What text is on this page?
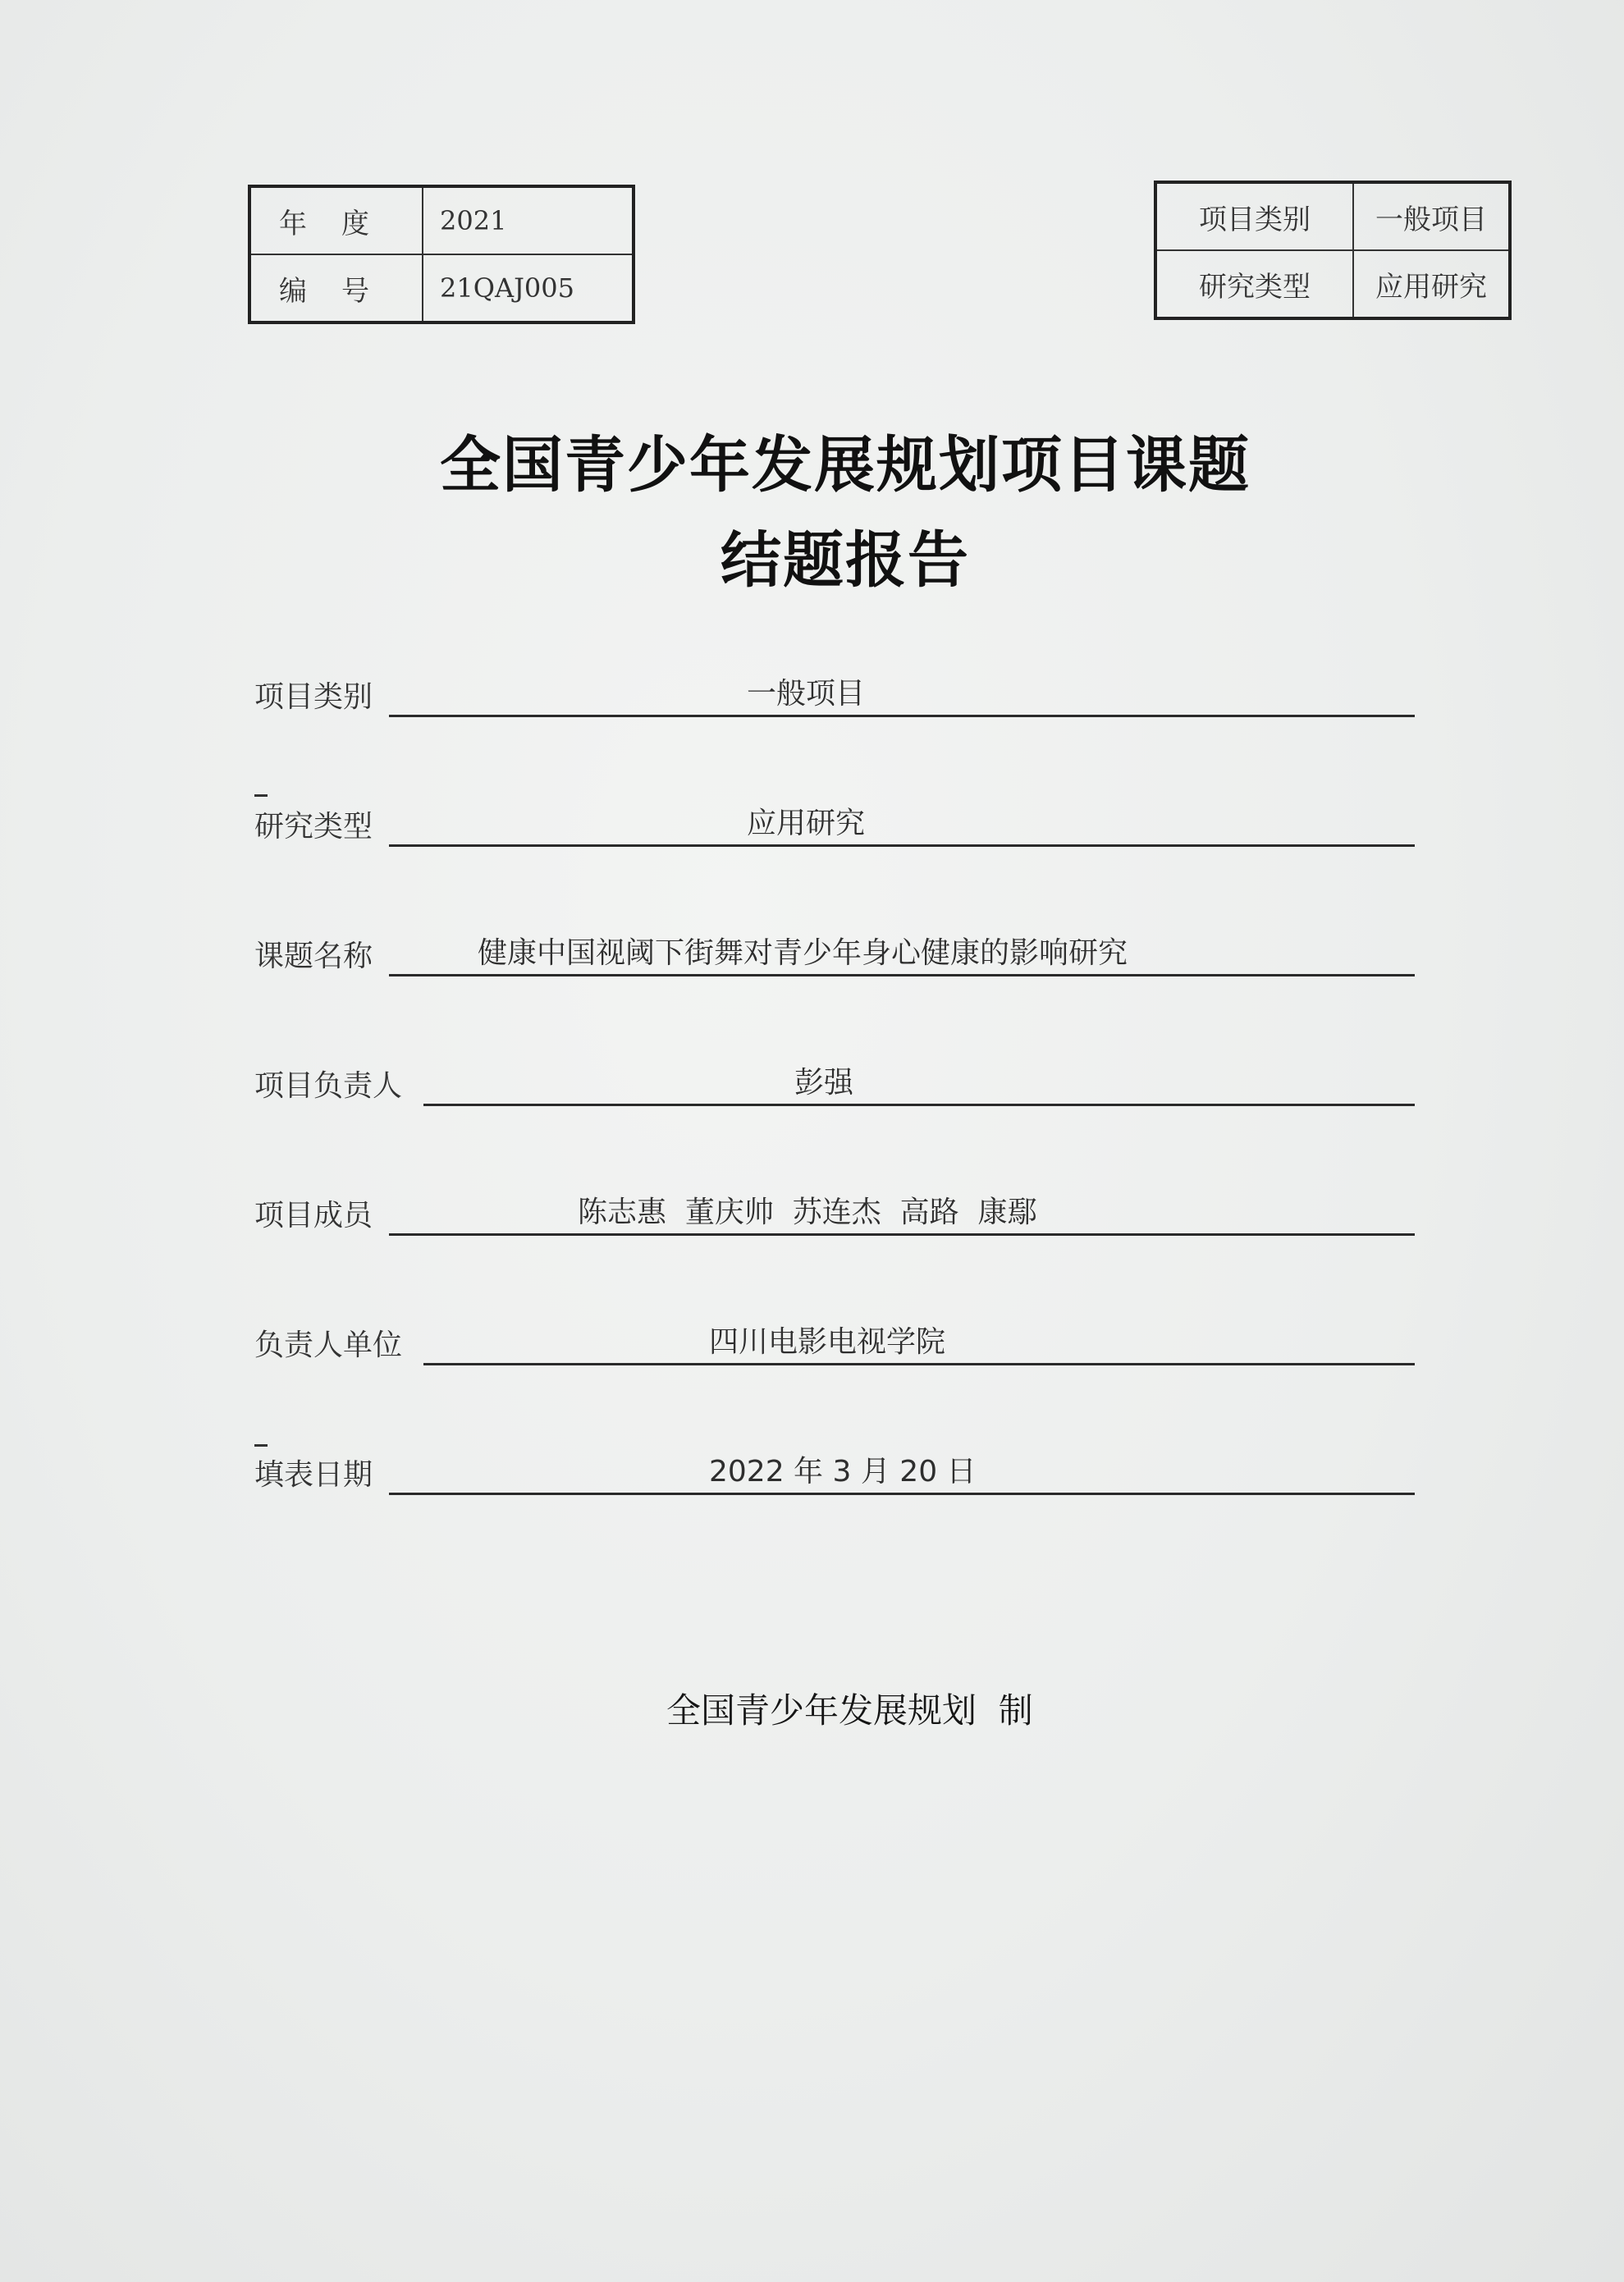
年度	2021
编号	21QAJ005
项目类别	一般项目
研究类型	应用研究
全国青少年发展规划项目课题
结题报告
项目类别	一般项目
研究类型	应用研究
课题名称	健康中国视阈下街舞对青少年身心健康的影响研究
项目负责人	彭强
项目成员	陈志惠  董庆帅  苏连杰  高路  康鄢
负责人单位	四川电影电视学院
填表日期	2022 年 3 月 20 日
全国青少年发展规划  制
